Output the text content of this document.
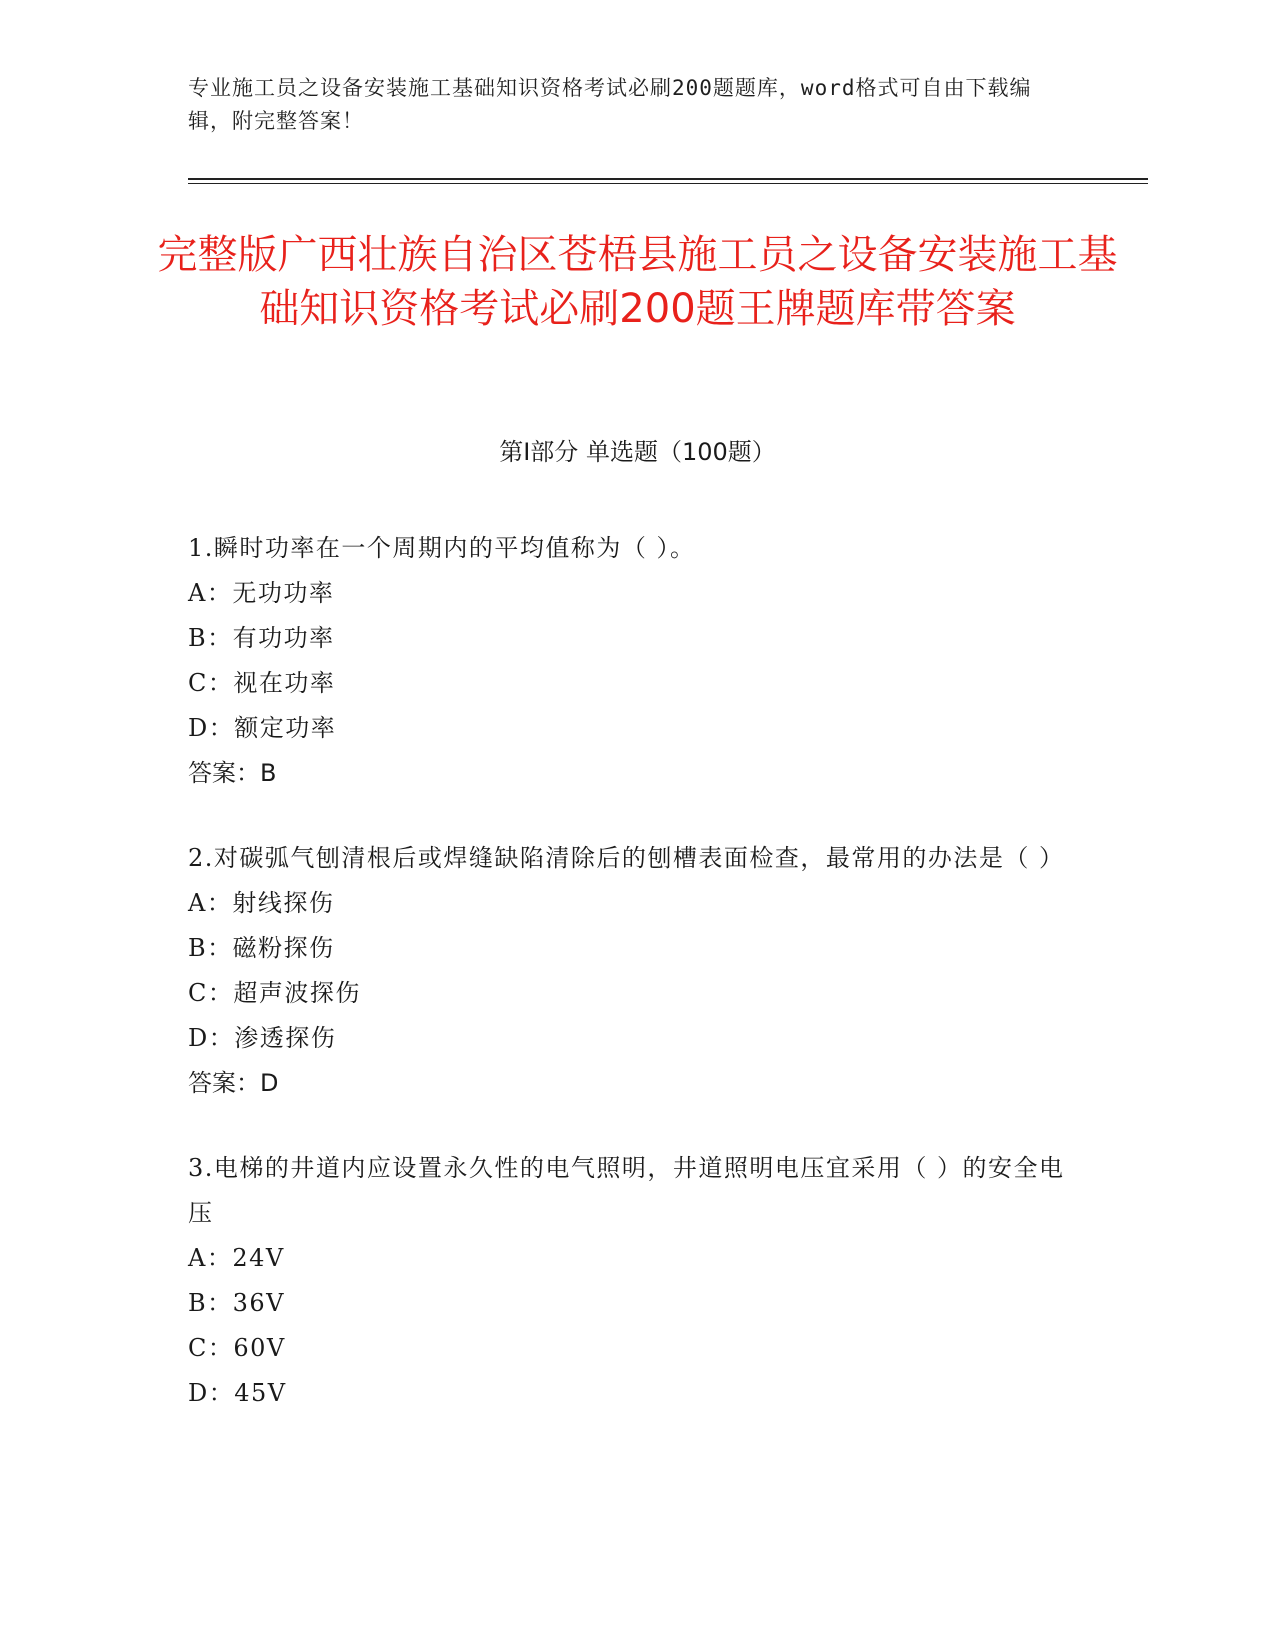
专业施工员之设备安装施工基础知识资格考试必刷200题题库，word格式可自由下载编辑，附完整答案！
完整版广西壮族自治区苍梧县施工员之设备安装施工基础知识资格考试必刷200题王牌题库带答案
第Ⅰ部分 单选题（100题）
1.瞬时功率在一个周期内的平均值称为（ ）。
A：无功功率
B：有功功率
C：视在功率
D：额定功率
答案：B
2.对碳弧气刨清根后或焊缝缺陷清除后的刨槽表面检查，最常用的办法是（ ）
A：射线探伤
B：磁粉探伤
C：超声波探伤
D：渗透探伤
答案：D
3.电梯的井道内应设置永久性的电气照明，井道照明电压宜采用（ ）的安全电压
A：24V
B：36V
C：60V
D：45V
